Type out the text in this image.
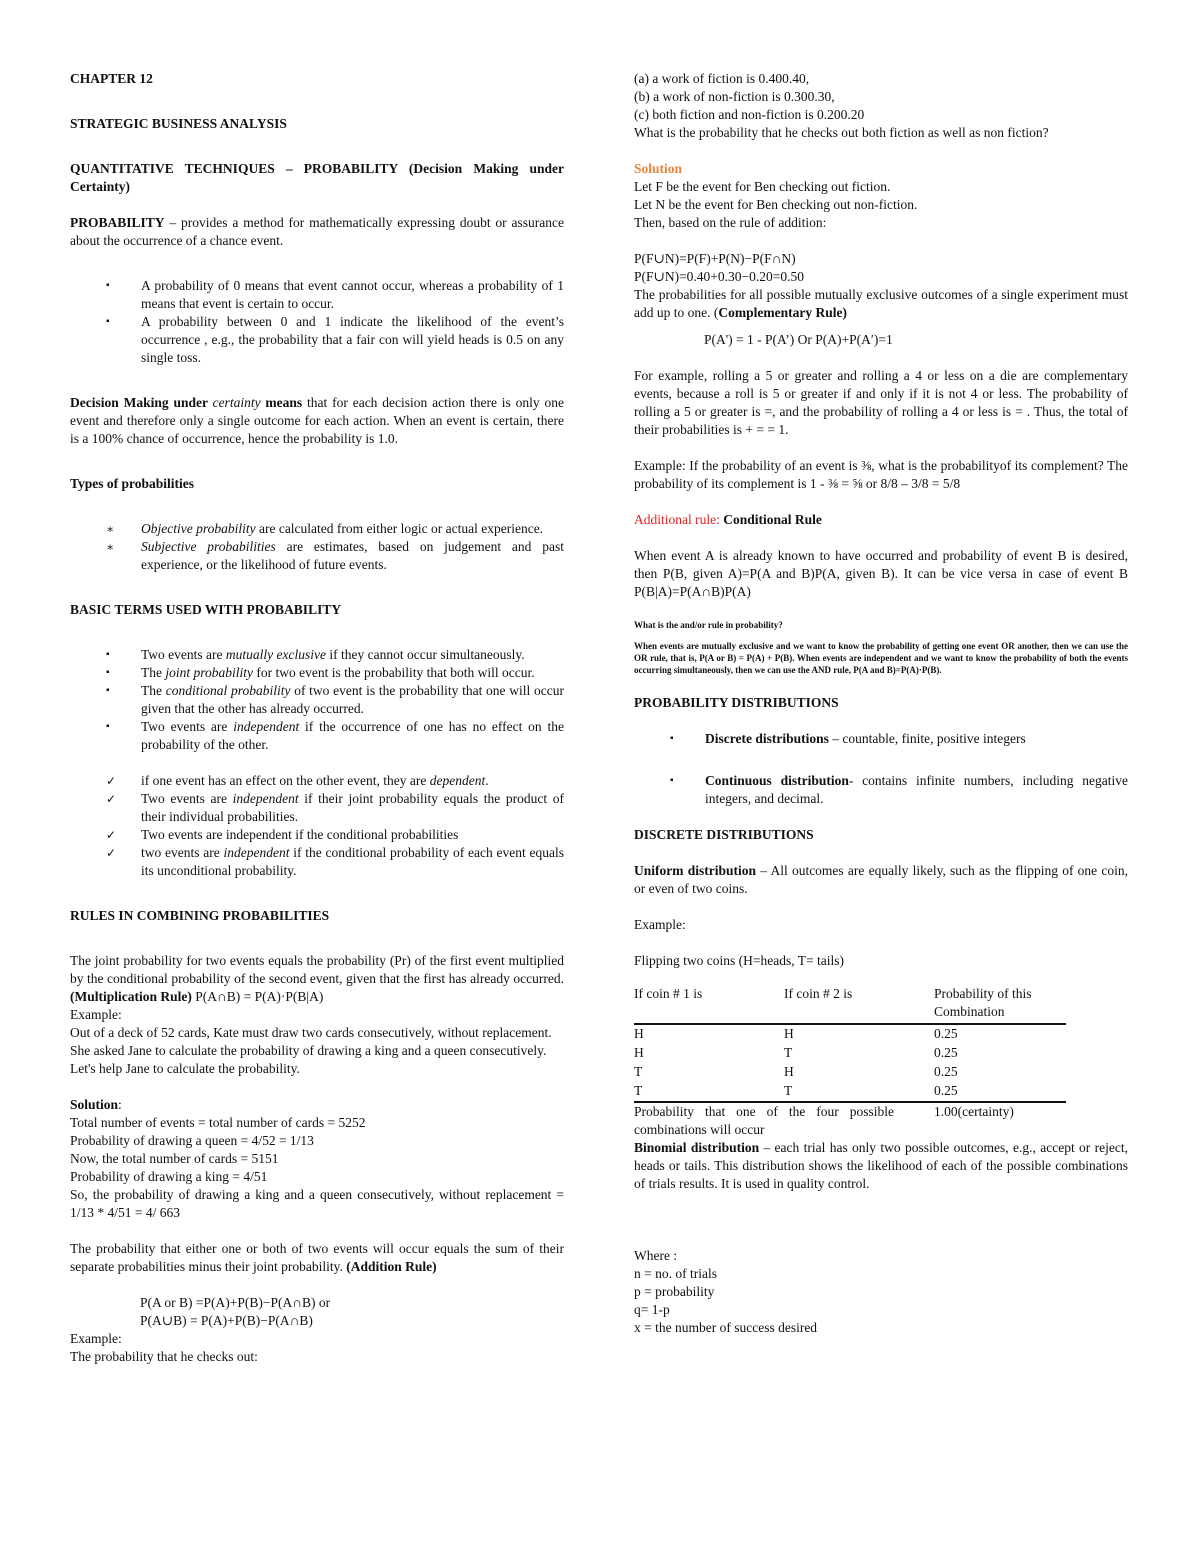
CHAPTER 12

STRATEGIC BUSINESS ANALYSIS

QUANTITATIVE TECHNIQUES – PROBABILITY (Decision Making under Certainty)

PROBABILITY – provides a method for mathematically expressing doubt or assurance about the occurrence of a chance event.

▪ A probability of 0 means that event cannot occur, whereas a probability of 1 means that event is certain to occur.
▪ A probability between 0 and 1 indicate the likelihood of the event’s occurrence , e.g., the probability that a fair con will yield heads is 0.5 on any single toss.

Decision Making under certainty means that for each decision action there is only one event and therefore only a single outcome for each action. When an event is certain, there is a 100% chance of occurrence, hence the probability is 1.0.

Types of probabilities

∗ Objective probability are calculated from either logic or actual experience.
∗ Subjective probabilities are estimates, based on judgement and past experience, or the likelihood of future events.

BASIC TERMS USED WITH PROBABILITY

▪ Two events are mutually exclusive if they cannot occur simultaneously.
▪ The joint probability for two event is the probability that both will occur.
▪ The conditional probability of two event is the probability that one will occur given that the other has already occurred.
▪ Two events are independent if the occurrence of one has no effect on the probability of the other.
✓ if one event has an effect on the other event, they are dependent.
✓ Two events are independent if their joint probability equals the product of their individual probabilities.
✓ Two events are independent if the conditional probabilities
✓ two events are independent if the conditional probability of each event equals its unconditional probability.

RULES IN COMBINING PROBABILITIES

The joint probability for two events equals the probability (Pr) of the first event multiplied by the conditional probability of the second event, given that the first has already occurred. (Multiplication Rule) P(A∩B) = P(A)·P(B|A)

Example:

Out of a deck of 52 cards, Kate must draw two cards consecutively, without replacement.

She asked Jane to calculate the probability of drawing a king and a queen consecutively.

Let's help Jane to calculate the probability.

Solution:

Total number of events = total number of cards = 5252

Probability of drawing a queen = 4/52 = 1/13

Now, the total number of cards = 5151

Probability of drawing a king = 4/51

So, the probability of drawing a king and a queen consecutively, without replacement = 1/13 * 4/51 = 4/ 663

The probability that either one or both of two events will occur equals the sum of their separate probabilities minus their joint probability. (Addition Rule)

P(A or B) =P(A)+P(B)−P(A∩B) or

P(A∪B) = P(A)+P(B)−P(A∩B)

Example:

The probability that he checks out:

(a) a work of fiction is 0.400.40,

(b) a work of non-fiction is 0.300.30,

(c) both fiction and non-fiction is 0.200.20

What is the probability that he checks out both fiction as well as non fiction?

Solution

Let F be the event for Ben checking out fiction.

Let N be the event for Ben checking out non-fiction.

Then, based on the rule of addition:

P(F∪N)=P(F)+P(N)−P(F∩N)

P(F∪N)=0.40+0.30−0.20=0.50

The probabilities for all possible mutually exclusive outcomes of a single experiment must add up to one. (Complementary Rule)

P(A') = 1 - P(A’) Or P(A)+P(A′)=1

For example, rolling a 5 or greater and rolling a 4 or less on a die are complementary events, because a roll is 5 or greater if and only if it is not 4 or less. The probability of rolling a 5 or greater is =, and the probability of rolling a 4 or less is = . Thus, the total of their probabilities is + = = 1.

Example: If the probability of an event is ⅜, what is the probabilityof its complement? The probability of its complement is 1 - ⅜ = ⅝ or 8/8 – 3/8 = 5/8

Additional rule: Conditional Rule

When event A is already known to have occurred and probability of event B is desired, then P(B, given A)=P(A and B)P(A, given B). It can be vice versa in case of event B P(B|A)=P(A∩B)P(A)

What is the and/or rule in probability?

When events are mutually exclusive and we want to know the probability of getting one event OR another, then we can use the OR rule, that is, P(A or B) = P(A) + P(B). When events are independent and we want to know the probability of both the events occurring simultaneously, then we can use the AND rule, P(A and B)=P(A)·P(B).

PROBABILITY DISTRIBUTIONS

▪ Discrete distributions – countable, finite, positive integers
▪ Continuous distribution- contains infinite numbers, including negative integers, and decimal.

DISCRETE DISTRIBUTIONS

Uniform distribution – All outcomes are equally likely, such as the flipping of one coin, or even of two coins.

Example:

Flipping two coins (H=heads, T= tails)

If coin # 1 is	If coin # 2 is	Probability of this Combination
H	H	0.25
H	T	0.25
T	H	0.25
T	T	0.25
Probability that one of the four possible combinations will occur		1.00(certainty)

Binomial distribution – each trial has only two possible outcomes, e.g., accept or reject, heads or tails. This distribution shows the likelihood of each of the possible combinations of trials results. It is used in quality control.

Where :

n = no. of trials

p = probability

q= 1-p

x = the number of success desired
